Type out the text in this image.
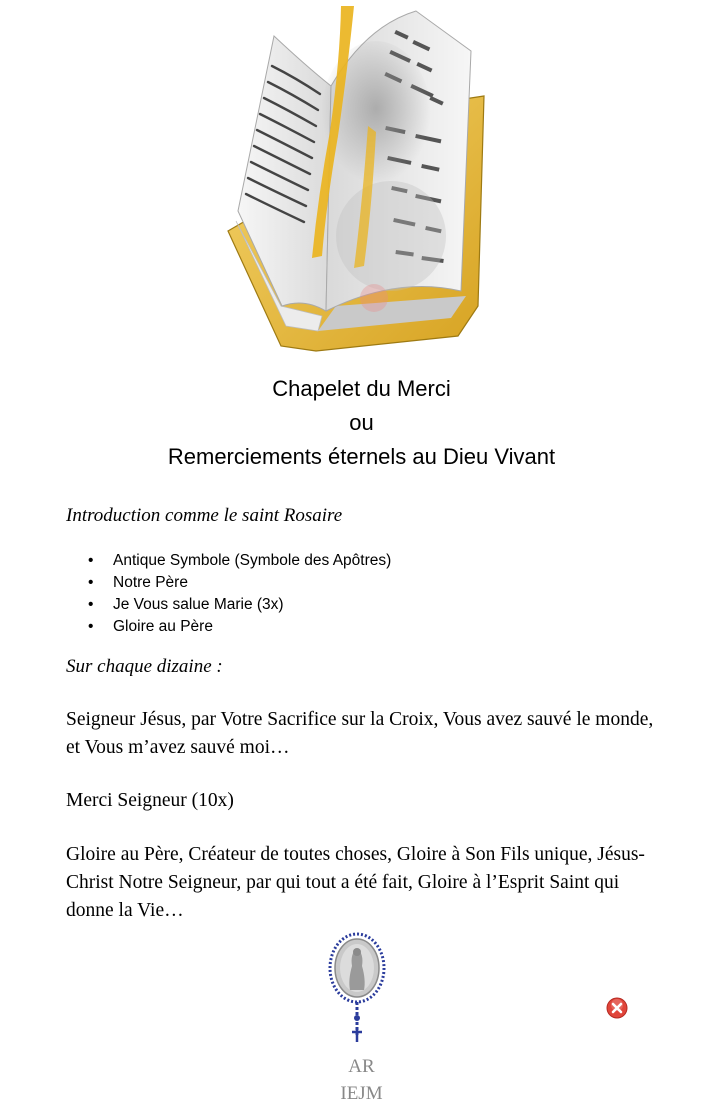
Chapelet du Merci
ou
Remerciements éternels au Dieu Vivant
Introduction comme le saint Rosaire
• Antique Symbole (Symbole des Apôtres)
• Notre Père
• Je Vous salue Marie (3x)
• Gloire au Père
Sur chaque dizaine :
Seigneur Jésus, par Votre Sacrifice sur la Croix, Vous avez sauvé le monde, et Vous m’avez sauvé moi…
Merci Seigneur (10x)
Gloire au Père, Créateur de toutes choses, Gloire à Son Fils unique, Jésus-Christ Notre Seigneur, par qui tout a été fait, Gloire à l’Esprit Saint qui donne la Vie…
AR
IEJM
